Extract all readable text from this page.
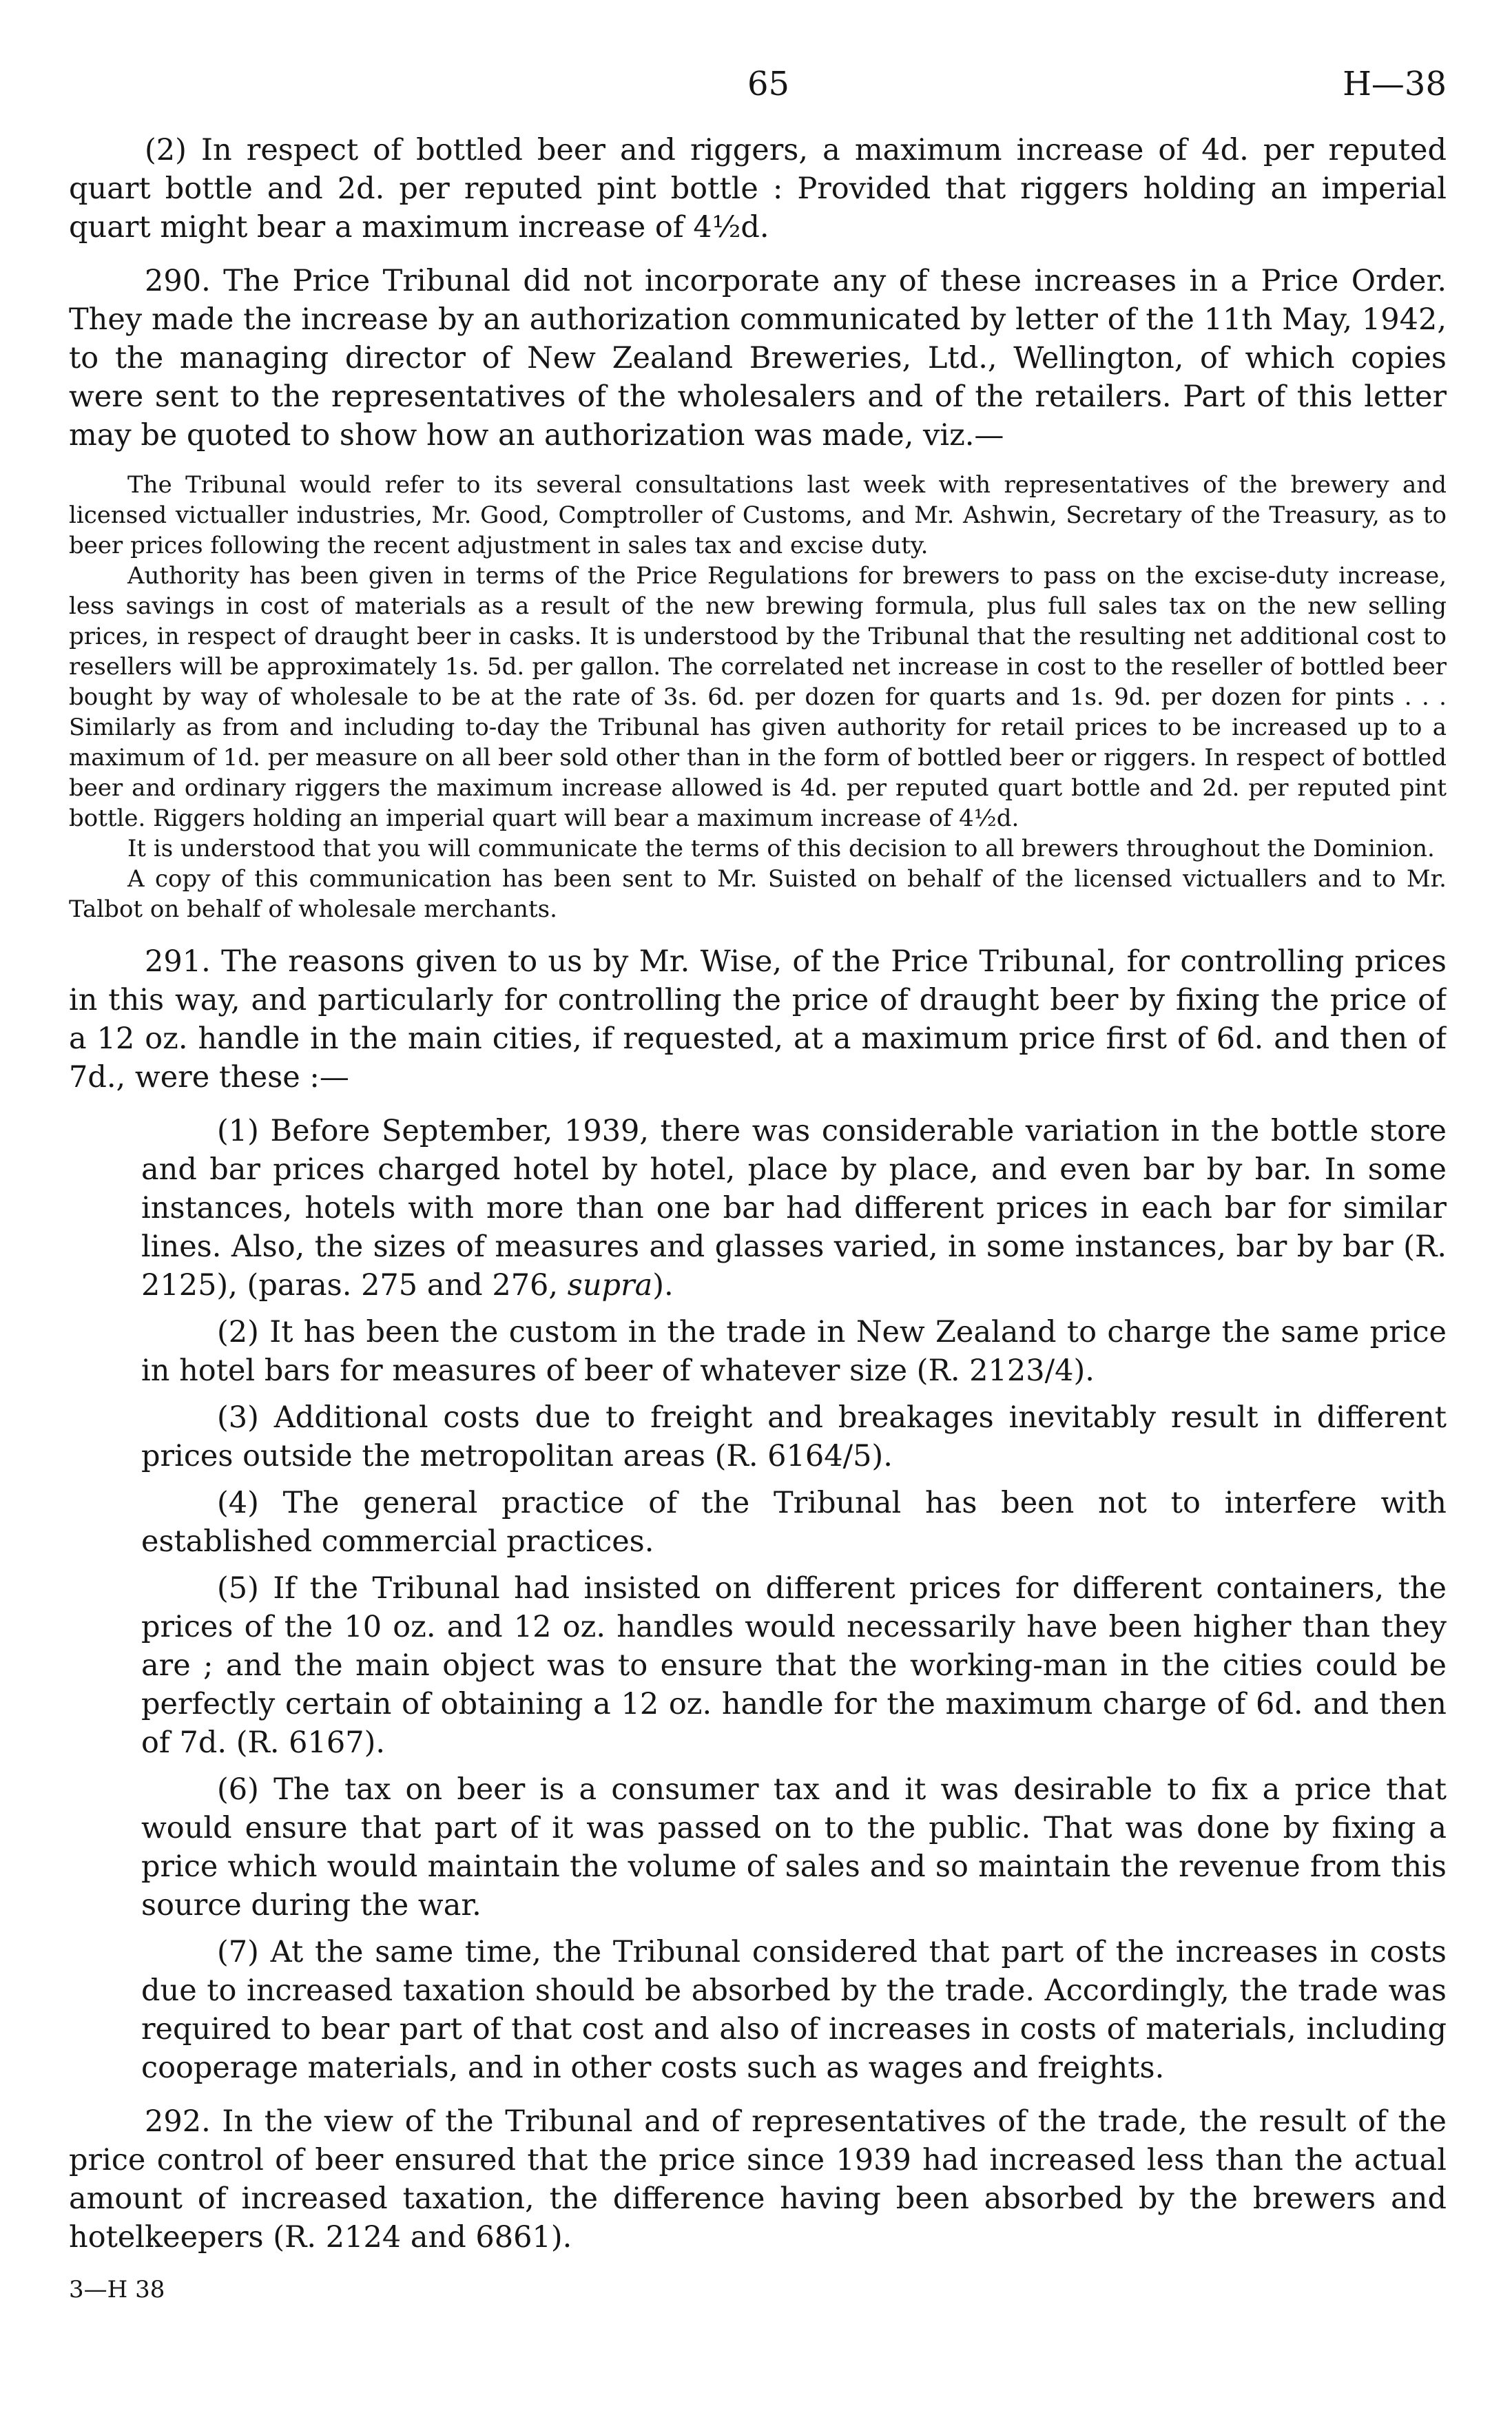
65	H—38

(2) In respect of bottled beer and riggers, a maximum increase of 4d. per reputed quart bottle and 2d. per reputed pint bottle : Provided that riggers holding an imperial quart might bear a maximum increase of 4½d.

290. The Price Tribunal did not incorporate any of these increases in a Price Order. They made the increase by an authorization communicated by letter of the 11th May, 1942, to the managing director of New Zealand Breweries, Ltd., Wellington, of which copies were sent to the representatives of the wholesalers and of the retailers. Part of this letter may be quoted to show how an authorization was made, viz.—

The Tribunal would refer to its several consultations last week with representatives of the brewery and licensed victualler industries, Mr. Good, Comptroller of Customs, and Mr. Ashwin, Secretary of the Treasury, as to beer prices following the recent adjustment in sales tax and excise duty.

Authority has been given in terms of the Price Regulations for brewers to pass on the excise-duty increase, less savings in cost of materials as a result of the new brewing formula, plus full sales tax on the new selling prices, in respect of draught beer in casks. It is understood by the Tribunal that the resulting net additional cost to resellers will be approximately 1s. 5d. per gallon. The correlated net increase in cost to the reseller of bottled beer bought by way of wholesale to be at the rate of 3s. 6d. per dozen for quarts and 1s. 9d. per dozen for pints . . . Similarly as from and including to-day the Tribunal has given authority for retail prices to be increased up to a maximum of 1d. per measure on all beer sold other than in the form of bottled beer or riggers. In respect of bottled beer and ordinary riggers the maximum increase allowed is 4d. per reputed quart bottle and 2d. per reputed pint bottle. Riggers holding an imperial quart will bear a maximum increase of 4½d.

It is understood that you will communicate the terms of this decision to all brewers throughout the Dominion.

A copy of this communication has been sent to Mr. Suisted on behalf of the licensed victuallers and to Mr. Talbot on behalf of wholesale merchants.

291. The reasons given to us by Mr. Wise, of the Price Tribunal, for controlling prices in this way, and particularly for controlling the price of draught beer by fixing the price of a 12 oz. handle in the main cities, if requested, at a maximum price first of 6d. and then of 7d., were these :—

(1) Before September, 1939, there was considerable variation in the bottle store and bar prices charged hotel by hotel, place by place, and even bar by bar. In some instances, hotels with more than one bar had different prices in each bar for similar lines. Also, the sizes of measures and glasses varied, in some instances, bar by bar (R. 2125), (paras. 275 and 276, supra).

(2) It has been the custom in the trade in New Zealand to charge the same price in hotel bars for measures of beer of whatever size (R. 2123/4).

(3) Additional costs due to freight and breakages inevitably result in different prices outside the metropolitan areas (R. 6164/5).

(4) The general practice of the Tribunal has been not to interfere with established commercial practices.

(5) If the Tribunal had insisted on different prices for different containers, the prices of the 10 oz. and 12 oz. handles would necessarily have been higher than they are ; and the main object was to ensure that the working-man in the cities could be perfectly certain of obtaining a 12 oz. handle for the maximum charge of 6d. and then of 7d. (R. 6167).

(6) The tax on beer is a consumer tax and it was desirable to fix a price that would ensure that part of it was passed on to the public. That was done by fixing a price which would maintain the volume of sales and so maintain the revenue from this source during the war.

(7) At the same time, the Tribunal considered that part of the increases in costs due to increased taxation should be absorbed by the trade. Accordingly, the trade was required to bear part of that cost and also of increases in costs of materials, including cooperage materials, and in other costs such as wages and freights.

292. In the view of the Tribunal and of representatives of the trade, the result of the price control of beer ensured that the price since 1939 had increased less than the actual amount of increased taxation, the difference having been absorbed by the brewers and hotelkeepers (R. 2124 and 6861).

3—H 38
